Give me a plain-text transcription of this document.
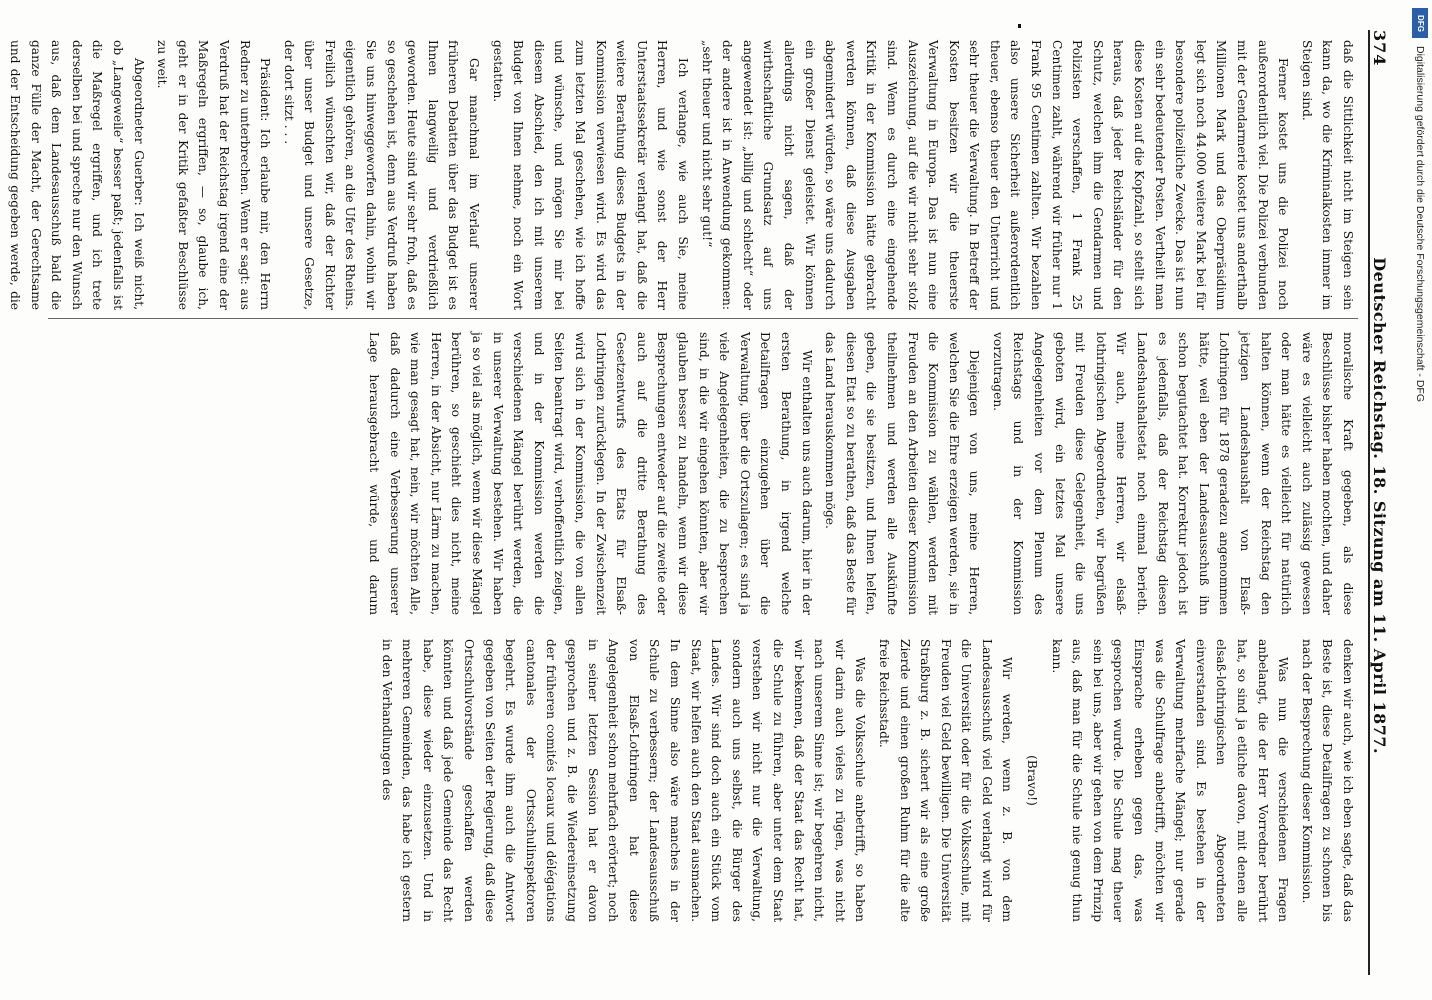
374
Deutscher Reichstag. 18. Sitzung am 11. April 1877.

daß die Sittlichkeit nicht im Steigen sein kann da, wo die Kriminalkosten immer im Steigen sind.

Ferner kostet uns die Polizei noch außerordentlich viel. Die Polizei verbunden mit der Gendarmerie kostet uns anderthalb Millionen Mark und das Oberpräsidium legt sich noch 44.000 weitere Mark bei für besondere polizeiliche Zwecke. Das ist nun ein sehr bedeutender Posten. Vertheilt man diese Kosten auf die Kopfzahl, so stellt sich heraus, daß jeder Reichsländer für den Schutz, welchen ihm die Gendarmen und Polizisten verschaffen, 1 Frank 25 Centimen zahlt, während wir früher nur 1 Frank 95 Centimen zahlten. Wir bezahlen also unsere Sicherheit außerordentlich theuer, ebenso theuer den Unterricht und sehr theuer die Verwaltung. In Betreff der Kosten besitzen wir die theuerste Verwaltung in Europa. Das ist nun eine Auszeichnung, auf die wir nicht sehr stolz sind. Wenn es durch eine eingehende Kritik in der Kommission hätte gebracht werden können, daß diese Ausgaben abgemindert würden, so wäre uns dadurch ein großer Dienst geleistet. Wir können allerdings nicht sagen, daß der wirthschaftliche Grundsatz auf uns angewendet ist: „billig und schlecht“ oder der andere ist in Anwendung gekommen: „sehr theuer und nicht sehr gut!“

Ich verlange, wie auch Sie, meine Herren, und wie sonst der Herr Unterstaatssekretär verlangt hat, daß die weitere Berathung dieses Budgets in der Kommission verwiesen wird. Es wird das zum letzten Mal geschehen, wie ich hoffe und wünsche, und mögen Sie mir bei diesem Abschied, den ich mit unserem Budget von Ihnen nehme, noch ein Wort gestatten.

Gar manchmal im Verlauf unserer früheren Debatten über das Budget ist es Ihnen langweilig und verdrießlich geworden. Heute sind wir sehr froh, daß es so geschehen ist, denn aus Verdruß haben Sie uns hinweggeworfen dahin, wohin wir eigentlich gehören, an die Ufer des Rheins. Freilich wünschten wir, daß der Richter über unser Budget und unsere Gesetze, der dort sitzt . . .

Präsident: Ich erlaube mir, den Herrn Redner zu unterbrechen. Wenn er sagt: aus Verdruß hat der Reichstag irgend eine der Maßregeln ergriffen, — so, glaube ich, geht er in der Kritik gefaßter Beschlüsse zu weit.

Abgeordneter Guerber: Ich weiß nicht, ob „Langeweile“ besser paßt; jedenfalls ist die Maßregel ergriffen, und ich trete derselben bei und spreche nur den Wunsch aus, daß dem Landesausschuß bald die ganze Fülle der Macht, der Gerechtsame und der Entscheidung gegeben werde, die

moralische Kraft gegeben, als diese Beschlüsse bisher haben mochten, und daher wäre es vielleicht auch zulässig gewesen oder man hätte es vielleicht für natürlich halten können, wenn der Reichstag den jetzigen Landeshaushalt von Elsaß-Lothringen für 1878 geradezu angenommen hätte, weil eben der Landesausschuß ihn schon begutachtet hat. Korrektur jedoch ist es jedenfalls, daß der Reichstag diesen Landeshaushaltsetat noch einmal berieth. Wir auch, meine Herren, wir elsaß-lothringischen Abgeordneten, wir begrüßen mit Freuden diese Gelegenheit, die uns geboten wird, ein letztes Mal unsere Angelegenheiten vor dem Plenum des Reichstags und in der Kommission vorzutragen.

Diejenigen von uns, meine Herren, welchen Sie die Ehre erzeigen werden, sie in die Kommission zu wählen, werden mit Freuden an den Arbeiten dieser Kommission theilnehmen und werden alle Auskünfte geben, die sie besitzen, und Ihnen helfen, diesen Etat so zu berathen, daß das Beste für das Land herauskommen möge.

Wir enthalten uns auch darum, hier in der ersten Berathung, in irgend welche Detailfragen einzugehen über die Verwaltung, über die Ortszulagen; es sind ja viele Angelegenheiten, die zu besprechen sind, in die wir eingehen könnten, aber wir glauben besser zu handeln, wenn wir diese Besprechungen entweder auf die zweite oder auch auf die dritte Berathung des Gesetzentwurfs des Etats für Elsaß-Lothringen zurücklegen. In der Zwischenzeit wird sich in der Kommission, die von allen Seiten beantragt wird, verhoffentlich zeigen, und in der Kommission werden die verschiedenen Mängel berührt werden, die in unserer Verwaltung bestehen. Wir haben ja so viel als möglich, wenn wir diese Mängel berühren, so geschieht dies nicht, meine Herren, in der Absicht, nur Lärm zu machen, wie man gesagt hat, nein, wir möchten Alle, daß dadurch eine Verbesserung unserer Lage herausgebracht würde, und darum denken wir auch, wie ich eben sagte, daß das Beste ist, diese Detailfragen zu schonen bis nach der Besprechung dieser Kommission.

Was nun die verschiedenen Fragen anbelangt, die der Herr Vorredner berührt hat, so sind ja etliche davon, mit denen alle elsaß-lothringischen Abgeordneten einverstanden sind. Es bestehen in der Verwaltung mehrfache Mängel; nur gerade was die Schulfrage anbetrifft, möchten wir Einsprache erheben gegen das, was gesprochen wurde. Die Schule mag theuer sein bei uns, aber wir gehen von dem Prinzip aus, daß man für die Schule nie genug thun kann.

(Bravo!)

Wir werden, wenn z. B. von dem Landesausschuß viel Geld verlangt wird für die Universität oder für die Volksschule, mit Freuden viel Geld bewilligen. Die Universität Straßburg z. B. sichert wir als eine große Zierde und einen großen Ruhm für die alte freie Reichsstadt.

Was die Volksschule anbetrifft, so haben wir darin auch vieles zu rügen, was nicht nach unserem Sinne ist; wir begehren nicht, wir bekennen, daß der Staat das Recht hat, die Schule zu führen, aber unter dem Staat verstehen wir nicht nur die Verwaltung, sondern auch uns selbst, die Bürger des Landes. Wir sind doch auch ein Stück vom Staat, wir helfen auch den Staat ausmachen. In dem Sinne also wäre manches in der Schule zu verbessern; der Landesausschuß von Elsaß-Lothringen hat diese Angelegenheit schon mehrfach erörtert; noch in seiner letzten Session hat er davon gesprochen und z. B. die Wiedereinsetzung der früheren comités locaux und délégations cantonales der Ortsschulinspektoren begehrt. Es wurde ihm auch die Antwort gegeben von Seiten der Regierung, daß diese Ortsschulvorstände geschaffen werden könnten und daß jede Gemeinde das Recht habe, diese wieder einzusetzen. Und in mehreren Gemeinden, das habe ich gestern in den Verhandlungen des

DFG
Digitalisierung gefördert durch die Deutsche Forschungsgemeinschaft - DFG
